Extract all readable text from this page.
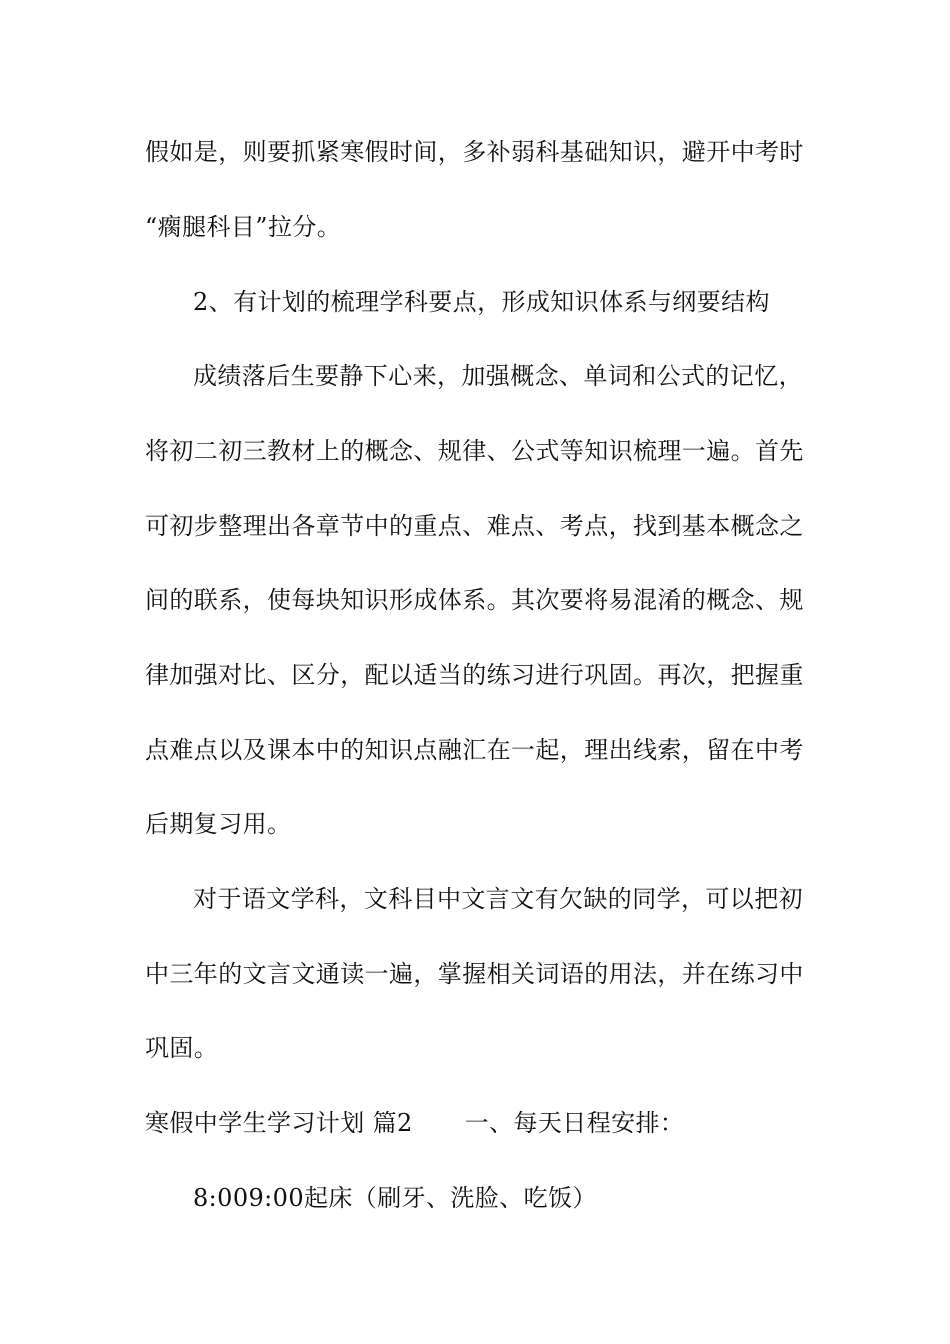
假如是，则要抓紧寒假时间，多补弱科基础知识，避开中考时
“瘸腿科目”拉分。
2、有计划的梳理学科要点，形成知识体系与纲要结构
成绩落后生要静下心来，加强概念、单词和公式的记忆，
将初二初三教材上的概念、规律、公式等知识梳理一遍。首先
可初步整理出各章节中的重点、难点、考点，找到基本概念之
间的联系，使每块知识形成体系。其次要将易混淆的概念、规
律加强对比、区分，配以适当的练习进行巩固。再次，把握重
点难点以及课本中的知识点融汇在一起，理出线索，留在中考
后期复习用。
对于语文学科，文科目中文言文有欠缺的同学，可以把初
中三年的文言文通读一遍，掌握相关词语的用法，并在练习中
巩固。
寒假中学生学习计划 篇2 一、每天日程安排：
8:009:00起床（刷牙、洗脸、吃饭）
